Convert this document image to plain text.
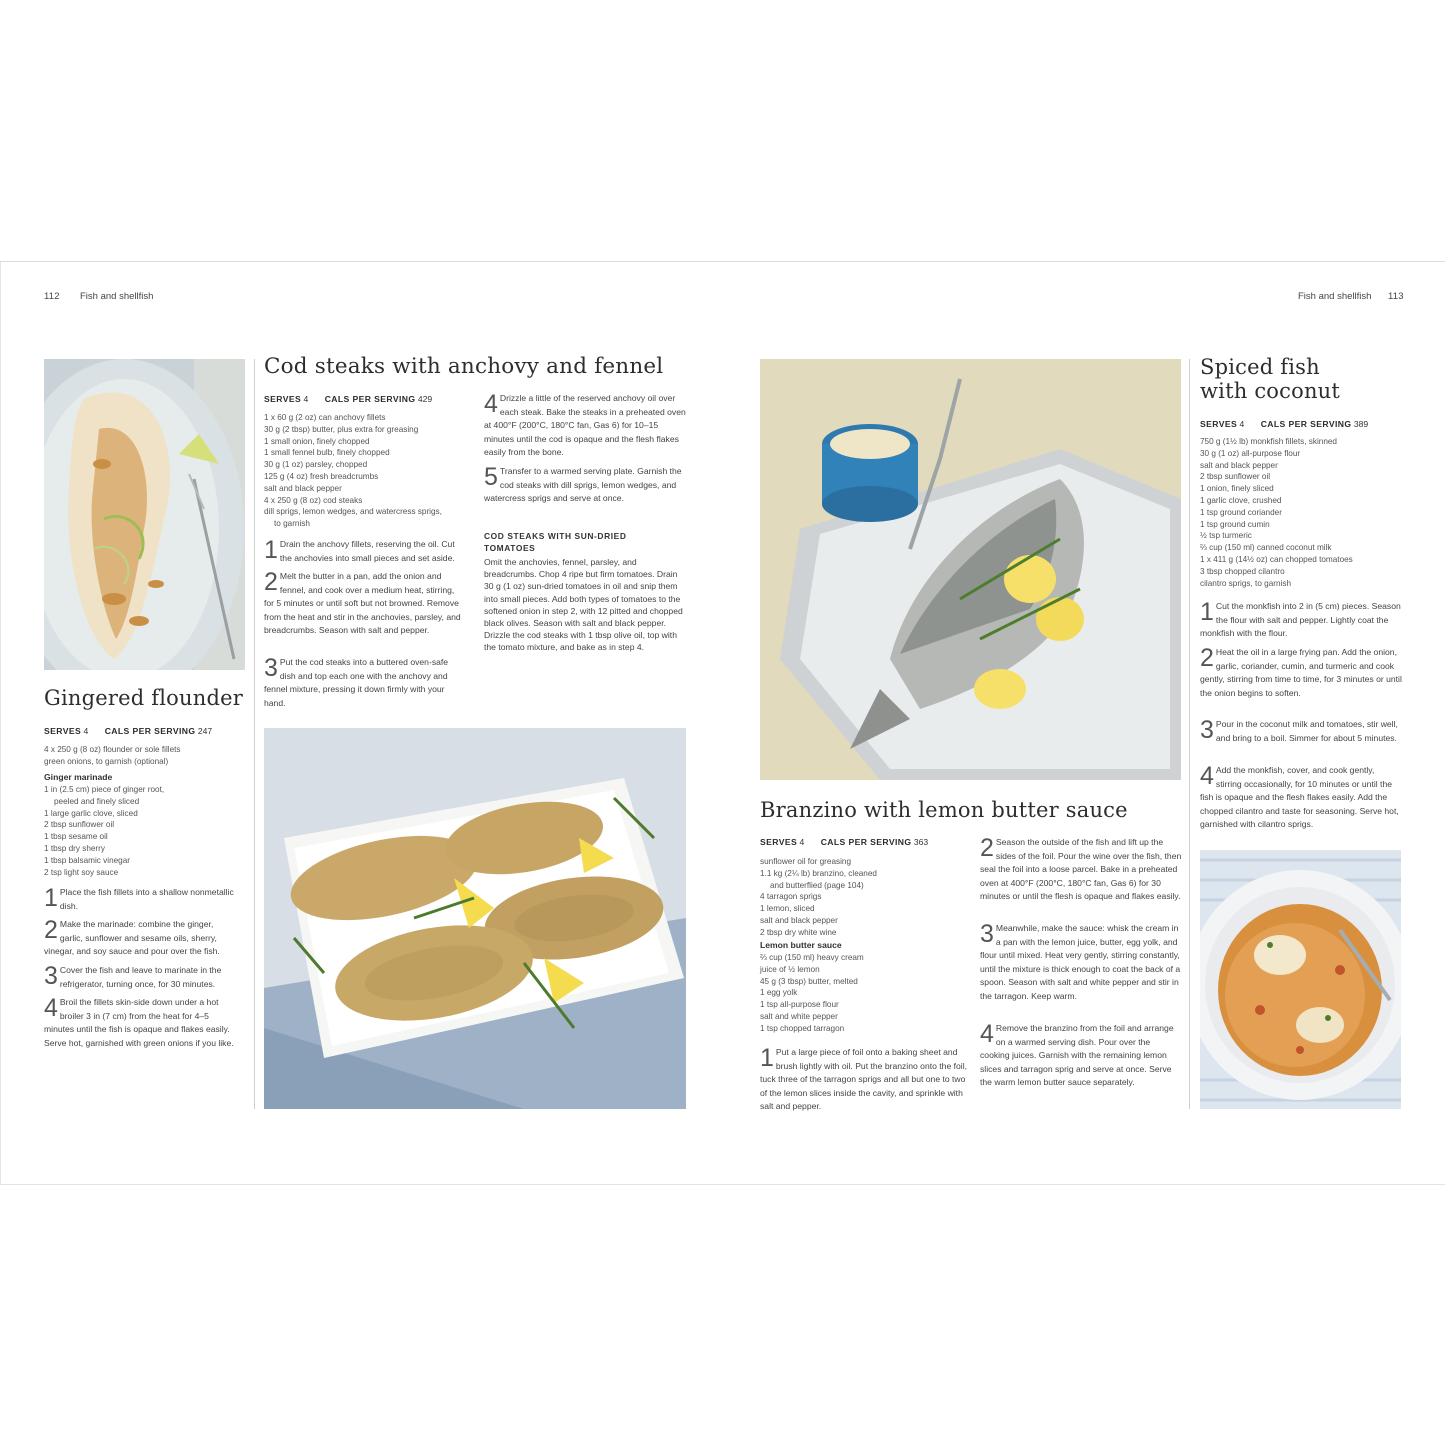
112 Fish and shellfish	Fish and shellfish 113
Gingered flounder
SERVES 4 CALS PER SERVING 247
4 x 250 g (8 oz) flounder or sole fillets
green onions, to garnish (optional)
Ginger marinade
1 in (2.5 cm) piece of ginger root,
peeled and finely sliced
1 large garlic clove, sliced
2 tbsp sunflower oil
1 tbsp sesame oil
1 tbsp dry sherry
1 tbsp balsamic vinegar
2 tsp light soy sauce
1 Place the fish fillets into a shallow nonmetallic dish.
2 Make the marinade: combine the ginger, garlic, sunflower and sesame oils, sherry, vinegar, and soy sauce and pour over the fish.
3 Cover the fish and leave to marinate in the refrigerator, turning once, for 30 minutes.
4 Broil the fillets skin-side down under a hot broiler 3 in (7 cm) from the heat for 4–5 minutes until the fish is opaque and flakes easily. Serve hot, garnished with green onions if you like.
Cod steaks with anchovy and fennel
SERVES 4 CALS PER SERVING 429
1 x 60 g (2 oz) can anchovy fillets
30 g (2 tbsp) butter, plus extra for greasing
1 small onion, finely chopped
1 small fennel bulb, finely chopped
30 g (1 oz) parsley, chopped
125 g (4 oz) fresh breadcrumbs
salt and black pepper
4 x 250 g (8 oz) cod steaks
dill sprigs, lemon wedges, and watercress sprigs,
to garnish
1 Drain the anchovy fillets, reserving the oil. Cut the anchovies into small pieces and set aside.
2 Melt the butter in a pan, add the onion and fennel, and cook over a medium heat, stirring, for 5 minutes or until soft but not browned. Remove from the heat and stir in the anchovies, parsley, and breadcrumbs. Season with salt and pepper.
3 Put the cod steaks into a buttered oven-safe dish and top each one with the anchovy and fennel mixture, pressing it down firmly with your hand.
4 Drizzle a little of the reserved anchovy oil over each steak. Bake the steaks in a preheated oven at 400°F (200°C, 180°C fan, Gas 6) for 10–15 minutes until the cod is opaque and the flesh flakes easily from the bone.
5 Transfer to a warmed serving plate. Garnish the cod steaks with dill sprigs, lemon wedges, and watercress sprigs and serve at once.
COD STEAKS WITH SUN-DRIED TOMATOES
Omit the anchovies, fennel, parsley, and breadcrumbs. Chop 4 ripe but firm tomatoes. Drain 30 g (1 oz) sun-dried tomatoes in oil and snip them into small pieces. Add both types of tomatoes to the softened onion in step 2, with 12 pitted and chopped black olives. Season with salt and black pepper. Drizzle the cod steaks with 1 tbsp olive oil, top with the tomato mixture, and bake as in step 4.
Branzino with lemon butter sauce
SERVES 4 CALS PER SERVING 363
sunflower oil for greasing
1.1 kg (2¼ lb) branzino, cleaned
and butterflied (page 104)
4 tarragon sprigs
1 lemon, sliced
salt and black pepper
2 tbsp dry white wine
Lemon butter sauce
⅔ cup (150 ml) heavy cream
juice of ½ lemon
45 g (3 tbsp) butter, melted
1 egg yolk
1 tsp all-purpose flour
salt and white pepper
1 tsp chopped tarragon
1 Put a large piece of foil onto a baking sheet and brush lightly with oil. Put the branzino onto the foil, tuck three of the tarragon sprigs and all but one to two of the lemon slices inside the cavity, and sprinkle with salt and pepper.
2 Season the outside of the fish and lift up the sides of the foil. Pour the wine over the fish, then seal the foil into a loose parcel. Bake in a preheated oven at 400°F (200°C, 180°C fan, Gas 6) for 30 minutes or until the flesh is opaque and flakes easily.
3 Meanwhile, make the sauce: whisk the cream in a pan with the lemon juice, butter, egg yolk, and flour until mixed. Heat very gently, stirring constantly, until the mixture is thick enough to coat the back of a spoon. Season with salt and white pepper and stir in the tarragon. Keep warm.
4 Remove the branzino from the foil and arrange on a warmed serving dish. Pour over the cooking juices. Garnish with the remaining lemon slices and tarragon sprig and serve at once. Serve the warm lemon butter sauce separately.
Spiced fish
with coconut
SERVES 4 CALS PER SERVING 389
750 g (1½ lb) monkfish fillets, skinned
30 g (1 oz) all-purpose flour
salt and black pepper
2 tbsp sunflower oil
1 onion, finely sliced
1 garlic clove, crushed
1 tsp ground coriander
1 tsp ground cumin
½ tsp turmeric
⅔ cup (150 ml) canned coconut milk
1 x 411 g (14½ oz) can chopped tomatoes
3 tbsp chopped cilantro
cilantro sprigs, to garnish
1 Cut the monkfish into 2 in (5 cm) pieces. Season the flour with salt and pepper. Lightly coat the monkfish with the flour.
2 Heat the oil in a large frying pan. Add the onion, garlic, coriander, cumin, and turmeric and cook gently, stirring from time to time, for 3 minutes or until the onion begins to soften.
3 Pour in the coconut milk and tomatoes, stir well, and bring to a boil. Simmer for about 5 minutes.
4 Add the monkfish, cover, and cook gently, stirring occasionally, for 10 minutes or until the fish is opaque and the flesh flakes easily. Add the chopped cilantro and taste for seasoning. Serve hot, garnished with cilantro sprigs.
